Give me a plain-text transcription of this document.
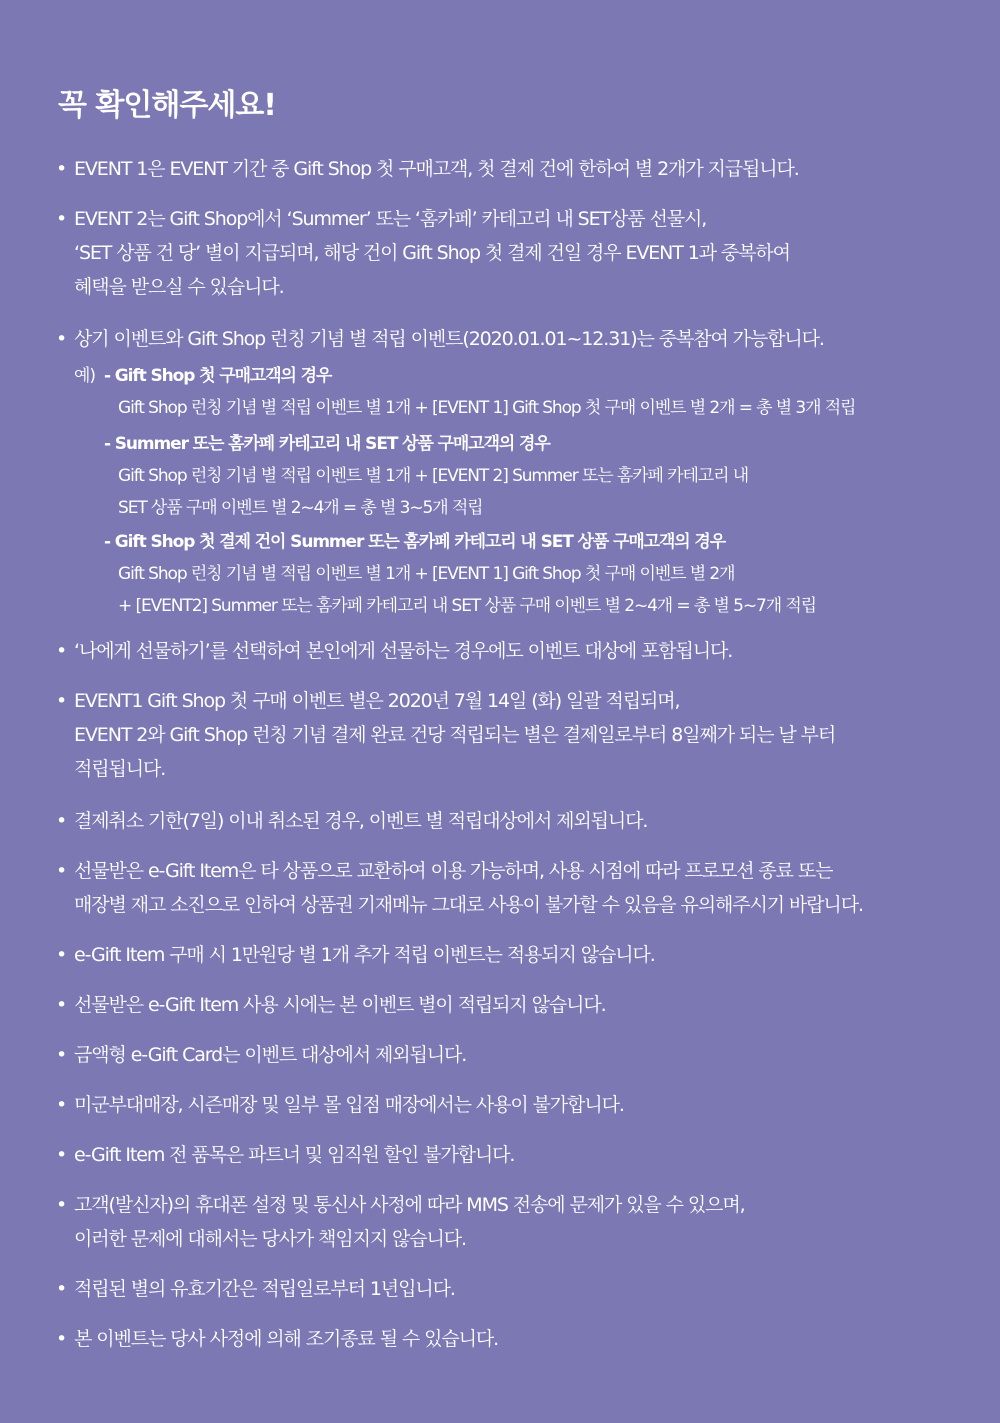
꼭 확인해주세요!
• EVENT 1은 EVENT 기간 중 Gift Shop 첫 구매고객, 첫 결제 건에 한하여 별 2개가 지급됩니다.
• EVENT 2는 Gift Shop에서 ‘Summer’ 또는 ‘홈카페’ 카테고리 내 SET상품 선물시,
‘SET 상품 건 당’ 별이 지급되며, 해당 건이 Gift Shop 첫 결제 건일 경우 EVENT 1과 중복하여
혜택을 받으실 수 있습니다.
• 상기 이벤트와 Gift Shop 런칭 기념 별 적립 이벤트(2020.01.01~12.31)는 중복참여 가능합니다.
예) - Gift Shop 첫 구매고객의 경우
Gift Shop 런칭 기념 별 적립 이벤트 별 1개 + [EVENT 1] Gift Shop 첫 구매 이벤트 별 2개 = 총 별 3개 적립
- Summer 또는 홈카페 카테고리 내 SET 상품 구매고객의 경우
Gift Shop 런칭 기념 별 적립 이벤트 별 1개 + [EVENT 2] Summer 또는 홈카페 카테고리 내
SET 상품 구매 이벤트 별 2~4개 = 총 별 3~5개 적립
- Gift Shop 첫 결제 건이 Summer 또는 홈카페 카테고리 내 SET 상품 구매고객의 경우
Gift Shop 런칭 기념 별 적립 이벤트 별 1개 + [EVENT 1] Gift Shop 첫 구매 이벤트 별 2개
+ [EVENT2] Summer 또는 홈카페 카테고리 내 SET 상품 구매 이벤트 별 2~4개 = 총 별 5~7개 적립
• ‘나에게 선물하기’를 선택하여 본인에게 선물하는 경우에도 이벤트 대상에 포함됩니다.
• EVENT1 Gift Shop 첫 구매 이벤트 별은 2020년 7월 14일 (화) 일괄 적립되며,
EVENT 2와 Gift Shop 런칭 기념 결제 완료 건당 적립되는 별은 결제일로부터 8일째가 되는 날 부터
적립됩니다.
• 결제취소 기한(7일) 이내 취소된 경우, 이벤트 별 적립대상에서 제외됩니다.
• 선물받은 e-Gift Item은 타 상품으로 교환하여 이용 가능하며, 사용 시점에 따라 프로모션 종료 또는
매장별 재고 소진으로 인하여 상품권 기재메뉴 그대로 사용이 불가할 수 있음을 유의해주시기 바랍니다.
• e-Gift Item 구매 시 1만원당 별 1개 추가 적립 이벤트는 적용되지 않습니다.
• 선물받은 e-Gift Item 사용 시에는 본 이벤트 별이 적립되지 않습니다.
• 금액형 e-Gift Card는 이벤트 대상에서 제외됩니다.
• 미군부대매장, 시즌매장 및 일부 몰 입점 매장에서는 사용이 불가합니다.
• e-Gift Item 전 품목은 파트너 및 임직원 할인 불가합니다.
• 고객(발신자)의 휴대폰 설정 및 통신사 사정에 따라 MMS 전송에 문제가 있을 수 있으며,
이러한 문제에 대해서는 당사가 책임지지 않습니다.
• 적립된 별의 유효기간은 적립일로부터 1년입니다.
• 본 이벤트는 당사 사정에 의해 조기종료 될 수 있습니다.
